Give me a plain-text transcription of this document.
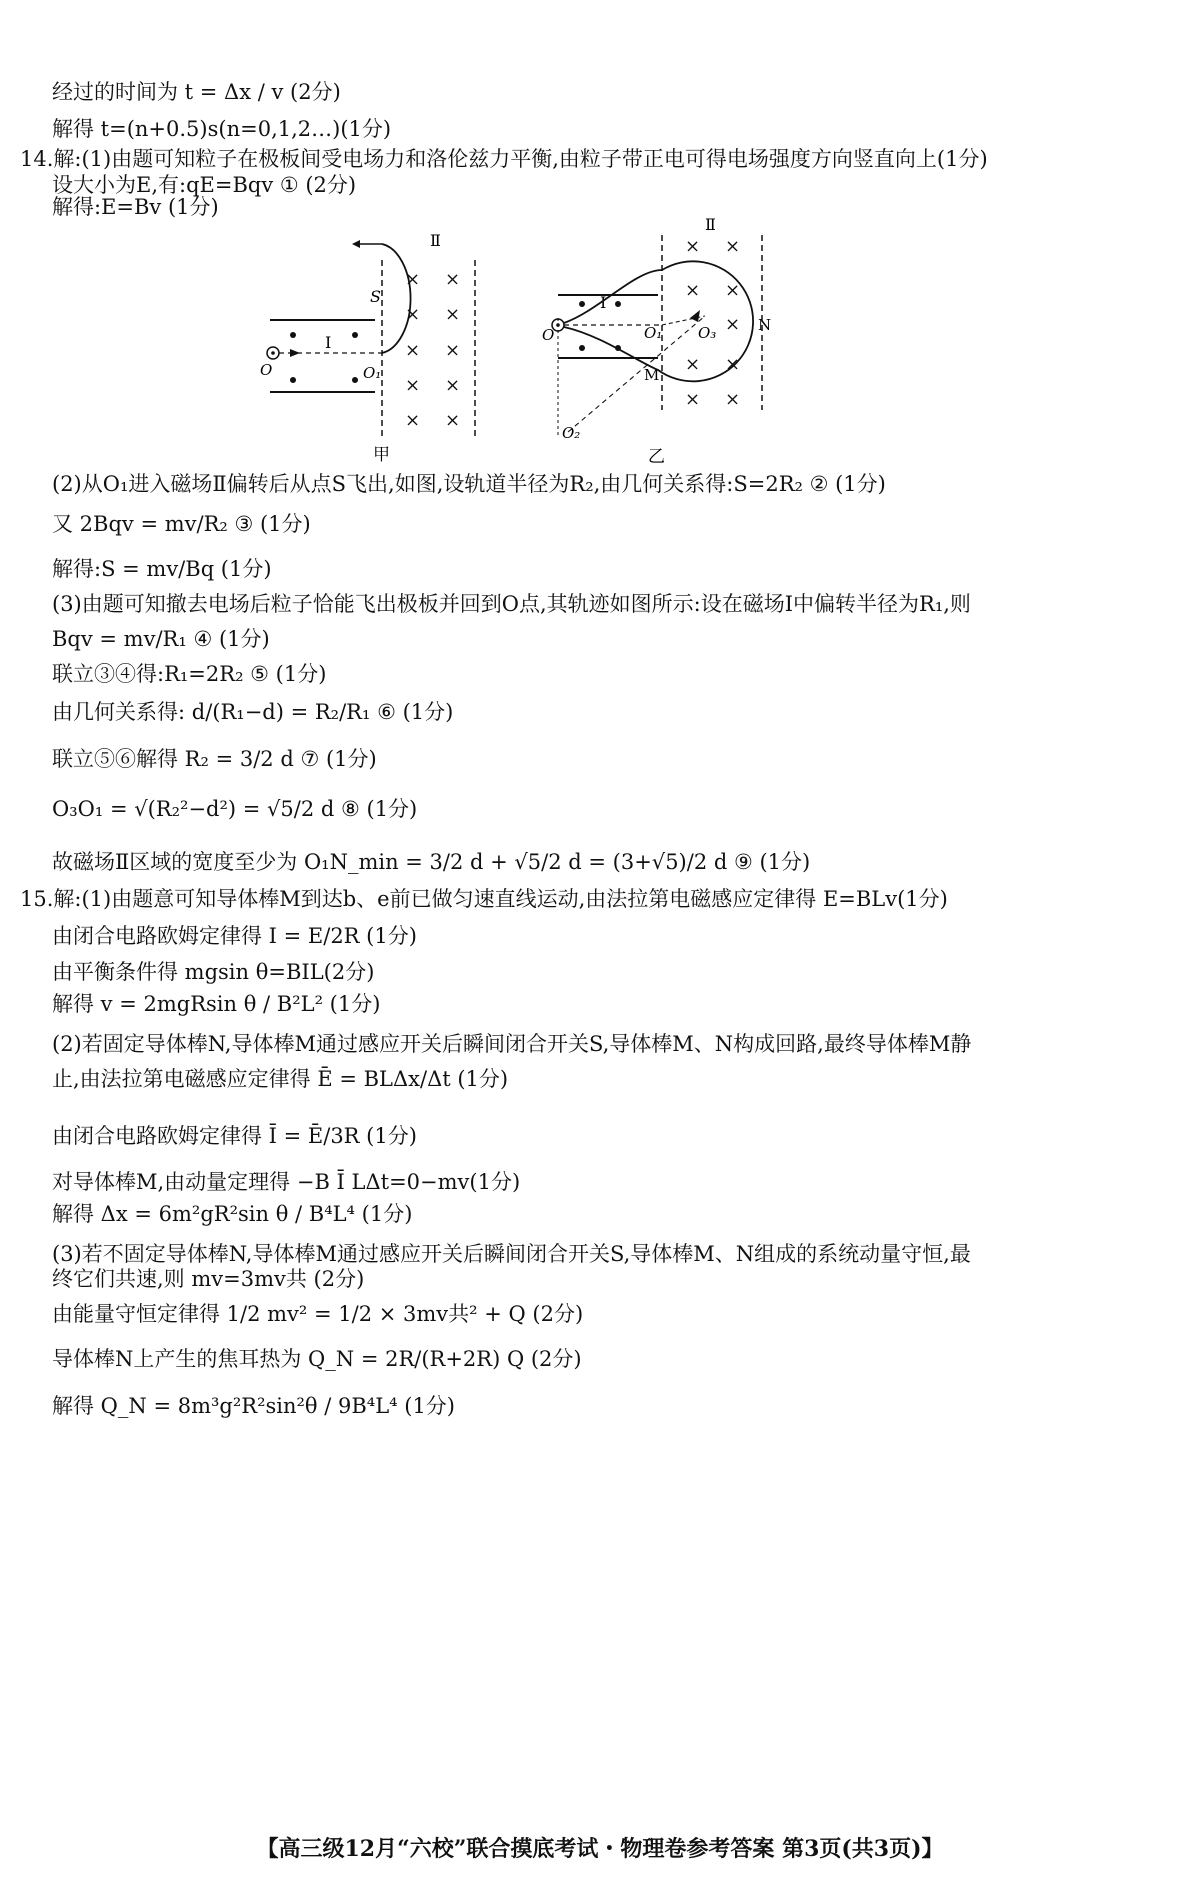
经过的时间为 t = Δx / v (2分)
解得 t=(n+0.5)s(n=0,1,2…)(1分)
14.解:(1)由题可知粒子在极板间受电场力和洛伦兹力平衡,由粒子带正电可得电场强度方向竖直向上(1分)
设大小为E,有:qE=Bqv ① (2分)
解得:E=Bv (1分)
Ⅱ
S
Ⅰ
O	O₁
× ×
× ×
× ×
× ×
× ×
甲
Ⅱ
Ⅰ
O	O₁ O₃	N
M
O₂
× ×
× ×
×
× ×
× ×
乙
(2)从O₁进入磁场Ⅱ偏转后从点S飞出,如图,设轨道半径为R₂,由几何关系得:S=2R₂ ② (1分)
又 2Bqv = mv/R₂ ③ (1分)
解得:S = mv/Bq (1分)
(3)由题可知撤去电场后粒子恰能飞出极板并回到O点,其轨迹如图所示:设在磁场Ⅰ中偏转半径为R₁,则
Bqv = mv/R₁ ④ (1分)
联立③④得:R₁=2R₂ ⑤ (1分)
由几何关系得: d/(R₁−d) = R₂/R₁ ⑥ (1分)
联立⑤⑥解得 R₂ = 3/2 d ⑦ (1分)
O₃O₁ = √(R₂²−d²) = √5/2 d ⑧ (1分)
故磁场Ⅱ区域的宽度至少为 O₁N_min = 3/2 d + √5/2 d = (3+√5)/2 d ⑨ (1分)
15.解:(1)由题意可知导体棒M到达b、e前已做匀速直线运动,由法拉第电磁感应定律得 E=BLv(1分)
由闭合电路欧姆定律得 I = E/2R (1分)
由平衡条件得 mgsin θ=BIL(2分)
解得 v = 2mgRsin θ / B²L² (1分)
(2)若固定导体棒N,导体棒M通过感应开关后瞬间闭合开关S,导体棒M、N构成回路,最终导体棒M静
止,由法拉第电磁感应定律得 Ē = BLΔx/Δt (1分)
由闭合电路欧姆定律得 Ī = Ē/3R (1分)
对导体棒M,由动量定理得 −B Ī LΔt=0−mv(1分)
解得 Δx = 6m²gR²sin θ / B⁴L⁴ (1分)
(3)若不固定导体棒N,导体棒M通过感应开关后瞬间闭合开关S,导体棒M、N组成的系统动量守恒,最
终它们共速,则 mv=3mv共 (2分)
由能量守恒定律得 1/2 mv² = 1/2 × 3mv共² + Q (2分)
导体棒N上产生的焦耳热为 Q_N = 2R/(R+2R) Q (2分)
解得 Q_N = 8m³g²R²sin²θ / 9B⁴L⁴ (1分)
【高三级12月“六校”联合摸底考试・物理卷参考答案 第3页(共3页)】
